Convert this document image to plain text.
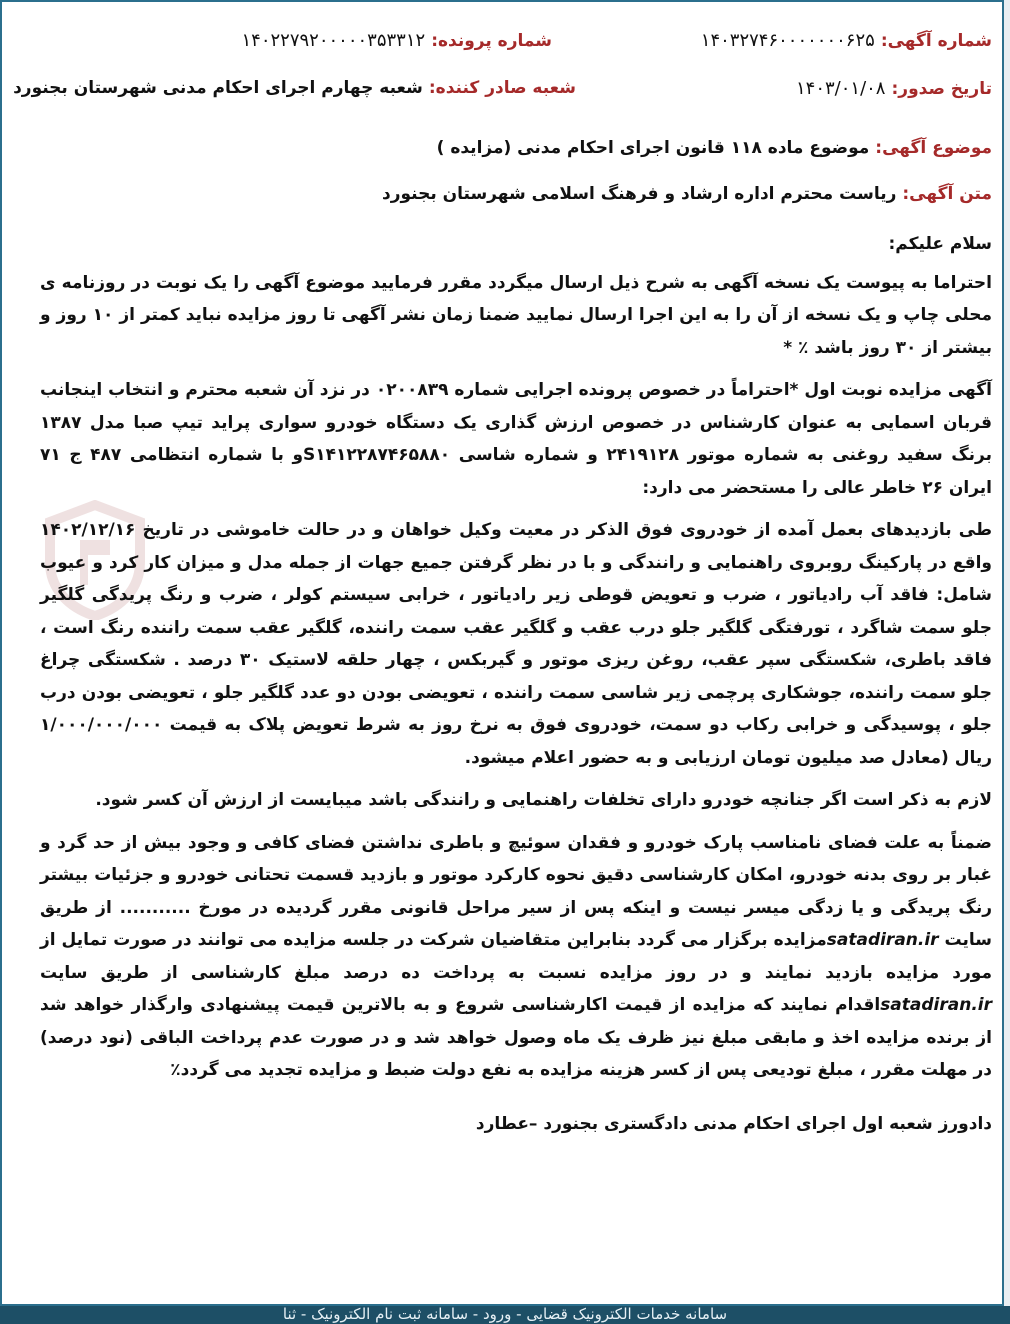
شماره آگهی:۱۴۰۳۲۷۴۶۰۰۰۰۰۰۰۶۲۵
شماره پرونده:۱۴۰۲۲۷۹۲۰۰۰۰۰۳۵۳۳۱۲
تاریخ صدور:۱۴۰۳/۰۱/۰۸
شعبه صادر کننده:شعبه چهارم اجرای احکام مدنی شهرستان بجنورد
موضوع آگهی:موضوع ماده ۱۱۸ قانون اجرای احکام مدنی (مزایده )
متن آگهی:ریاست محترم اداره ارشاد و فرهنگ اسلامی شهرستان بجنورد

سلام علیکم:

احتراما به پیوست یک نسخه آگهی به شرح ذیل ارسال میگردد مقرر فرمایید موضوع آگهی را یک نوبت در روزنامه ی محلی چاپ و یک نسخه از آن را به این اجرا ارسال نمایید ضمنا زمان نشر آگهی تا روز مزایده نباید کمتر از ۱۰ روز و بیشتر از ۳۰ روز باشد ٪ *

آگهی مزایده نوبت اول *احتراماً در خصوص پرونده اجرایی شماره ۰۲۰۰۸۳۹ در نزد آن شعبه محترم و انتخاب اینجانب قربان اسمایی به عنوان کارشناس در خصوص ارزش گذاری یک دستگاه خودرو سواری پراید تیپ صبا مدل ۱۳۸۷ برنگ سفید روغنی به شماره موتور ۲۴۱۹۱۲۸ و شماره شاسی S۱۴۱۲۲۸۷۴۶۵۸۸۰و با شماره انتظامی ۴۸۷ ج ۷۱ ایران ۲۶ خاطر عالی را مستحضر می دارد:

طی بازدیدهای بعمل آمده از خودروی فوق الذکر در معیت وکیل خواهان و در حالت خاموشی در تاریخ ۱۴۰۲/۱۲/۱۶ واقع در پارکینگ روبروی راهنمایی و رانندگی و با در نظر گرفتن جمیع جهات از جمله مدل و میزان کار کرد و عیوب شامل: فاقد آب رادیاتور ، ضرب و تعویض قوطی زیر رادیاتور ، خرابی سیستم کولر ، ضرب و رنگ پریدگی گلگیر جلو سمت شاگرد ، تورفتگی گلگیر جلو درب عقب و گلگیر عقب سمت راننده، گلگیر عقب سمت راننده رنگ است ، فاقد باطری، شکستگی سپر عقب، روغن ریزی موتور و گیربکس ، چهار حلقه لاستیک ۳۰ درصد . شکستگی چراغ جلو سمت راننده، جوشکاری پرچمی زیر شاسی سمت راننده ، تعویضی بودن دو عدد گلگیر جلو ، تعویضی بودن درب جلو ، پوسیدگی و خرابی رکاب دو سمت، خودروی فوق به نرخ روز به شرط تعویض پلاک به قیمت ۱/۰۰۰/۰۰۰/۰۰۰ ریال (معادل صد میلیون تومان ارزیابی و به حضور اعلام میشود.

لازم به ذکر است اگر جنانچه خودرو دارای تخلفات راهنمایی و رانندگی باشد میبایست از ارزش آن کسر شود.

ضمناً به علت فضای نامناسب پارک خودرو و فقدان سوئیچ و باطری نداشتن فضای کافی و وجود بیش از حد گرد و غبار بر روی بدنه خودرو، امکان کارشناسی دقیق نحوه کارکرد موتور و بازدید قسمت تحتانی خودرو و جزئیات بیشتر رنگ پریدگی و یا زدگی میسر نیست و اینکه پس از سیر مراحل قانونی مقرر گردیده در مورخ ........... از طریق سایت satadiran.irمزایده برگزار می گردد بنابراین متقاضیان شرکت در جلسه مزایده می توانند در صورت تمایل از مورد مزایده بازدید نمایند و در روز مزایده نسبت به پرداخت ده درصد مبلغ کارشناسی از طریق سایت satadiran.irاقدام نمایند که مزایده از قیمت اکارشناسی شروع و به بالاترین قیمت پیشنهادی وارگذار خواهد شد از برنده مزایده اخذ و مابقی مبلغ نیز ظرف یک ماه وصول خواهد شد و در صورت عدم پرداخت الباقی (نود درصد) در مهلت مقرر ، مبلغ تودیعی پس از کسر هزینه مزایده به نفع دولت ضبط و مزایده تجدید می گردد٪

دادورز شعبه اول اجرای احکام مدنی دادگستری بجنورد –عطارد
سامانه خدمات الکترونیک قضایی - ورود - سامانه ثبت نام الکترونیک - ثنا
